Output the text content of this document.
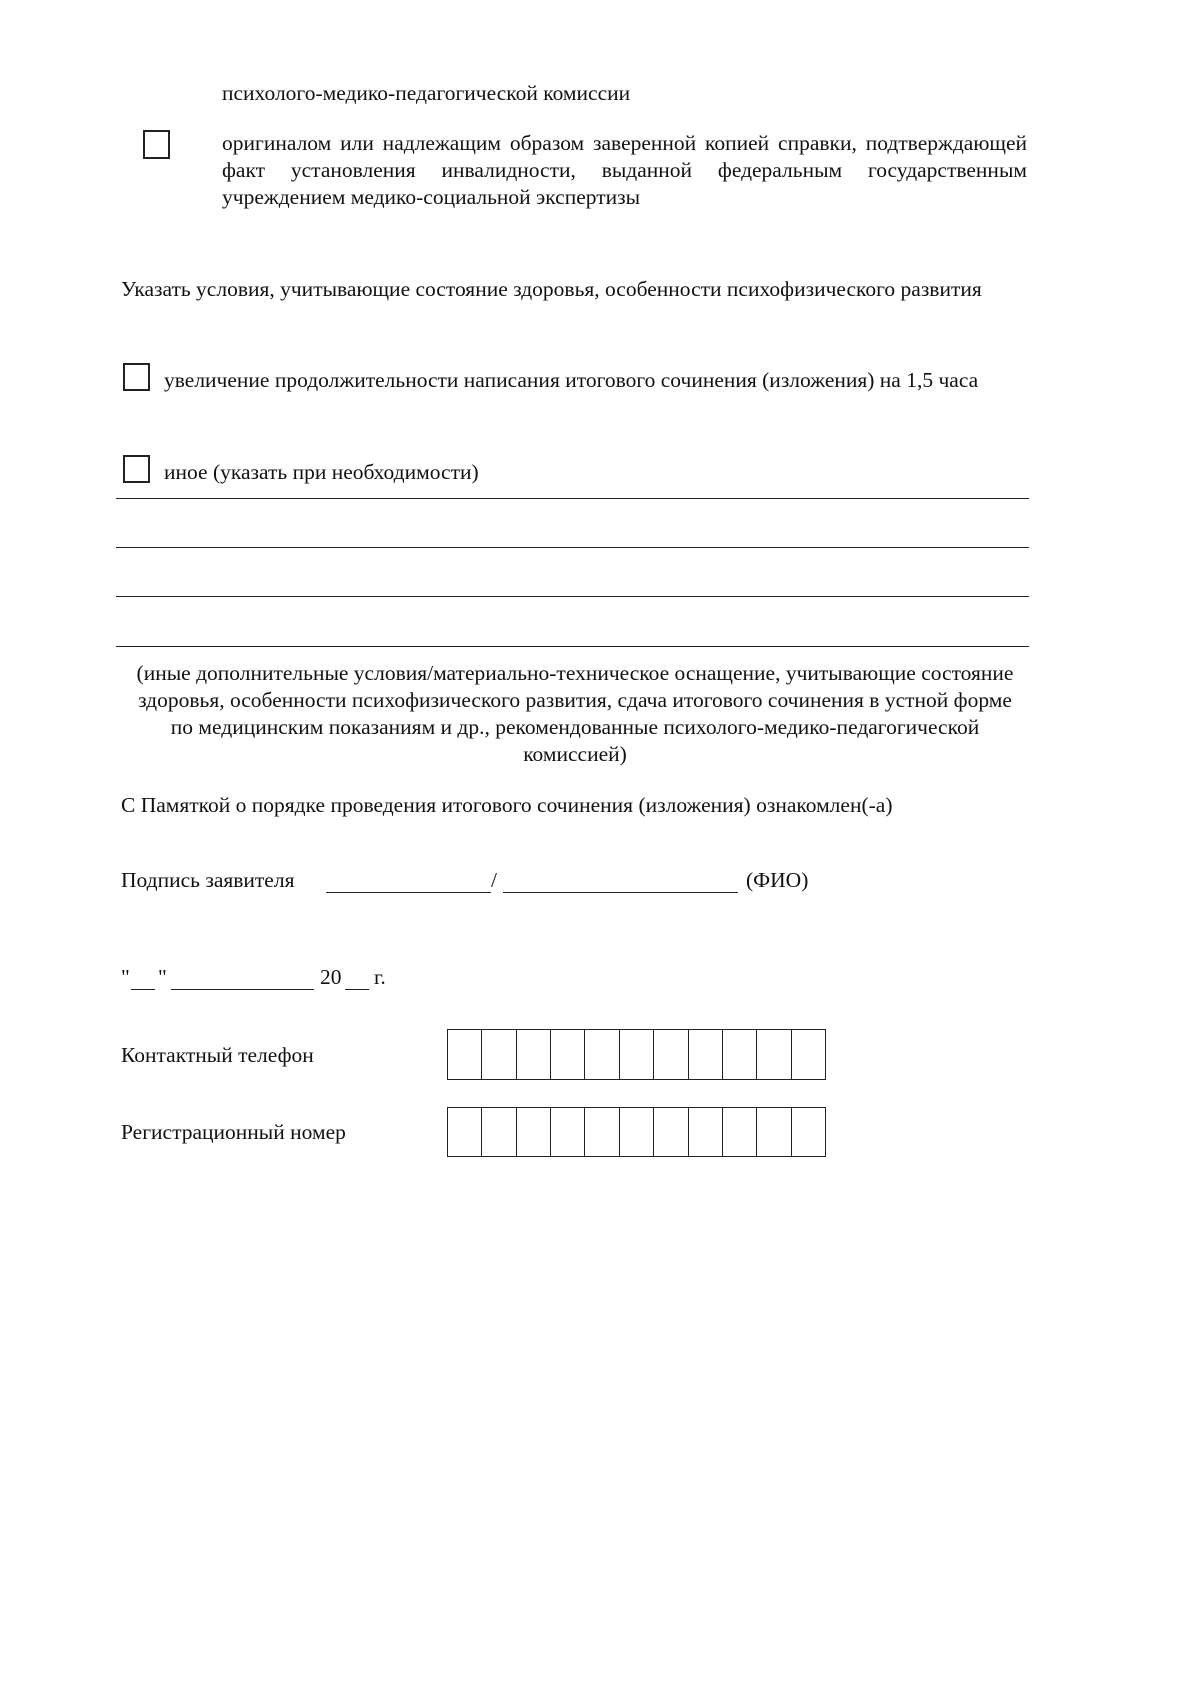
психолого-медико-педагогической комиссии
оригиналом или надлежащим образом заверенной копией справки, подтверждающей факт установления инвалидности, выданной федеральным государственным учреждением медико-социальной экспертизы
Указать условия, учитывающие состояние здоровья, особенности психофизического развития
увеличение продолжительности написания итогового сочинения (изложения) на 1,5 часа
иное (указать при необходимости)
(иные дополнительные условия/материально-техническое оснащение, учитывающие состояние здоровья, особенности психофизического развития, сдача итогового сочинения в устной форме по медицинским показаниям и др., рекомендованные психолого-медико-педагогической комиссией)
С Памяткой о порядке проведения итогового сочинения (изложения) ознакомлен(-а)
Подпись заявителя	/	(ФИО)
" "	20 г.
Контактный телефон
Регистрационный номер
